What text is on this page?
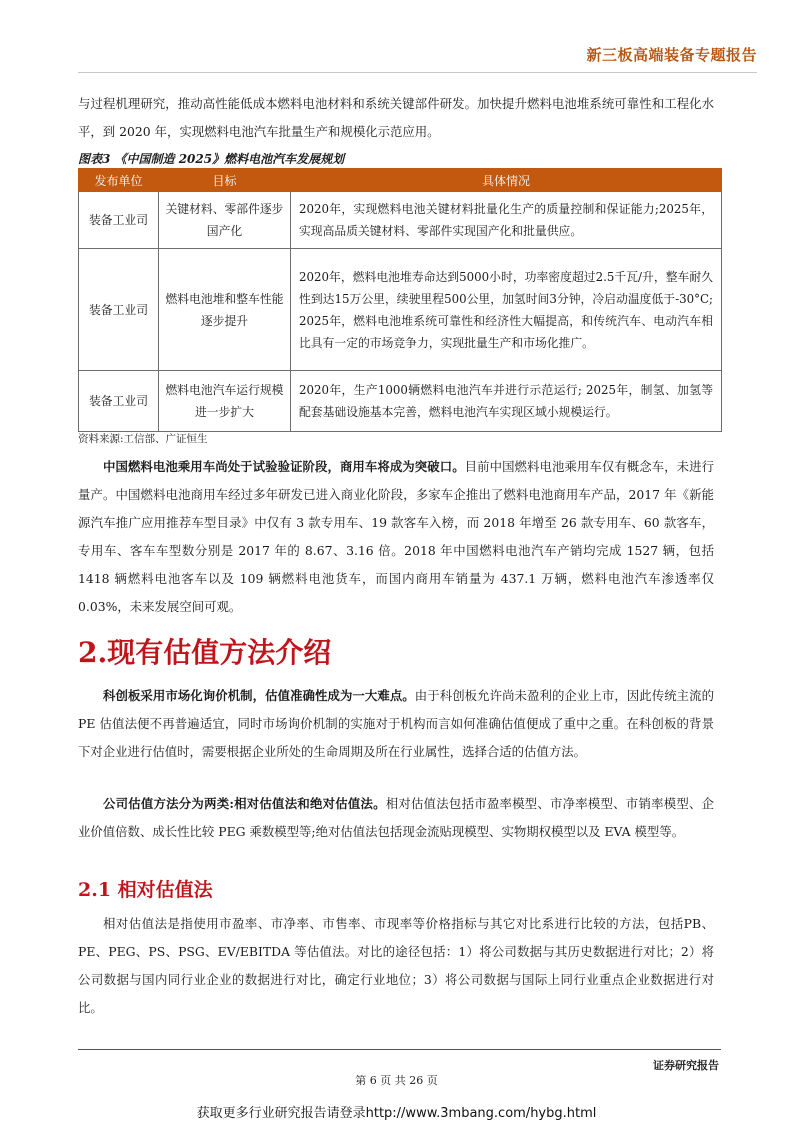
新三板高端装备专题报告

与过程机理研究，推动高性能低成本燃料电池材料和系统关键部件研发。加快提升燃料电池堆系统可靠性和工程化水平，到 2020 年，实现燃料电池汽车批量生产和规模化示范应用。

图表3 《中国制造 2025》燃料电池汽车发展规划
发布单位	目标	具体情况
装备工业司	关键材料、零部件逐步国产化	2020年，实现燃料电池关键材料批量化生产的质量控制和保证能力;2025年，实现高品质关键材料、零部件实现国产化和批量供应。
装备工业司	燃料电池堆和整车性能逐步提升	2020年，燃料电池堆寿命达到5000小时，功率密度超过2.5千瓦/升，整车耐久性到达15万公里，续驶里程500公里，加氢时间3分钟，冷启动温度低于-30°C; 2025年，燃料电池堆系统可靠性和经济性大幅提高，和传统汽车、电动汽车相比具有一定的市场竞争力，实现批量生产和市场化推广。
装备工业司	燃料电池汽车运行规模进一步扩大	2020年，生产1000辆燃料电池汽车并进行示范运行; 2025年，制氢、加氢等配套基础设施基本完善，燃料电池汽车实现区域小规模运行。
资料来源:工信部、广证恒生

中国燃料电池乘用车尚处于试验验证阶段，商用车将成为突破口。目前中国燃料电池乘用车仅有概念车，未进行量产。中国燃料电池商用车经过多年研发已进入商业化阶段，多家车企推出了燃料电池商用车产品，2017 年《新能源汽车推广应用推荐车型目录》中仅有 3 款专用车、19 款客车入榜，而 2018 年增至 26 款专用车、60 款客车，专用车、客车车型数分别是 2017 年的 8.67、3.16 倍。2018 年中国燃料电池汽车产销均完成 1527 辆，包括 1418 辆燃料电池客车以及 109 辆燃料电池货车，而国内商用车销量为 437.1 万辆，燃料电池汽车渗透率仅 0.03%，未来发展空间可观。

2.现有估值方法介绍

科创板采用市场化询价机制，估值准确性成为一大难点。由于科创板允许尚未盈利的企业上市，因此传统主流的 PE 估值法便不再普遍适宜，同时市场询价机制的实施对于机构而言如何准确估值便成了重中之重。在科创板的背景下对企业进行估值时，需要根据企业所处的生命周期及所在行业属性，选择合适的估值方法。

公司估值方法分为两类:相对估值法和绝对估值法。相对估值法包括市盈率模型、市净率模型、市销率模型、企业价值倍数、成长性比较 PEG 乘数模型等;绝对估值法包括现金流贴现模型、实物期权模型以及 EVA 模型等。

2.1 相对估值法

相对估值法是指使用市盈率、市净率、市售率、市现率等价格指标与其它对比系进行比较的方法，包括PB、PE、PEG、PS、PSG、EV/EBITDA 等估值法。对比的途径包括：1）将公司数据与其历史数据进行对比；2）将公司数据与国内同行业企业的数据进行对比，确定行业地位；3）将公司数据与国际上同行业重点企业数据进行对比。

证券研究报告
第 6 页 共 26 页
获取更多行业研究报告请登录http://www.3mbang.com/hybg.html
